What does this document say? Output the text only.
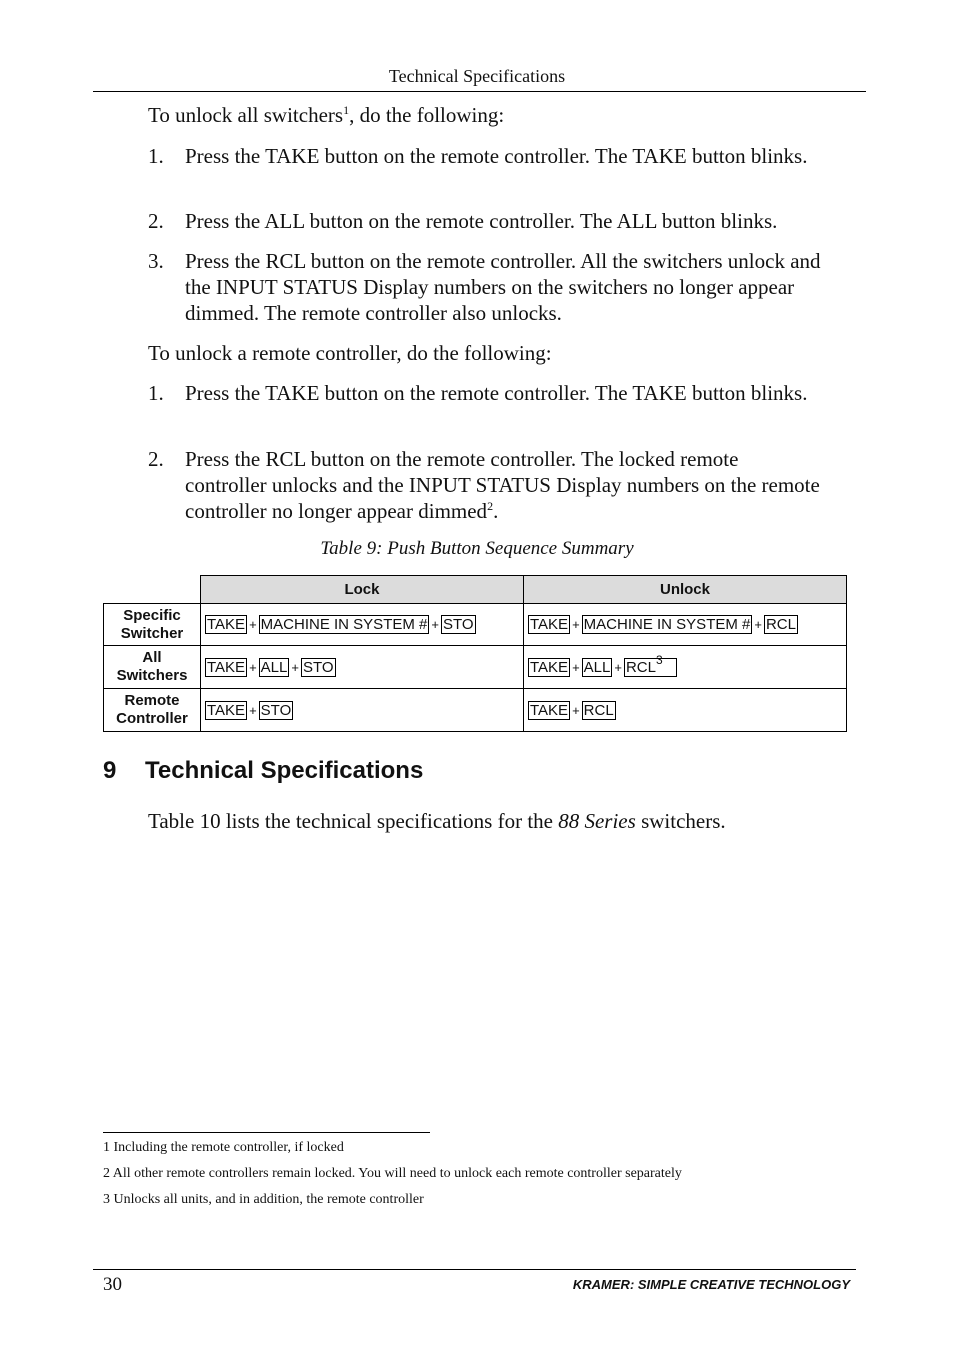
Technical Specifications
To unlock all switchers$^1$, do the following:
1. Press the TAKE button on the remote controller. The TAKE button blinks.
2. Press the ALL button on the remote controller. The ALL button blinks.
3. Press the RCL button on the remote controller. All the switchers unlock and the INPUT STATUS Display numbers on the switchers no longer appear dimmed. The remote controller also unlocks.
To unlock a remote controller, do the following:
1. Press the TAKE button on the remote controller. The TAKE button blinks.
2. Press the RCL button on the remote controller. The locked remote controller unlocks and the INPUT STATUS Display numbers on the remote controller no longer appear dimmed$^2$.
Table 9: Push Button Sequence Summary
	Lock	Unlock
Specific
Switcher	TAKE + MACHINE IN SYSTEM # + STO	TAKE + MACHINE IN SYSTEM # + RCL
All
Switchers	TAKE + ALL + STO	TAKE + ALL + $RCL^3$
Remote
Controller	TAKE + STO	TAKE + RCL
9 Technical Specifications
Table 10 lists the technical specifications for the 88 Series switchers.
1 Including the remote controller, if locked
2 All other remote controllers remain locked. You will need to unlock each remote controller separately
3 Unlocks all units, and in addition, the remote controller
30	KRAMER: SIMPLE CREATIVE TECHNOLOGY
